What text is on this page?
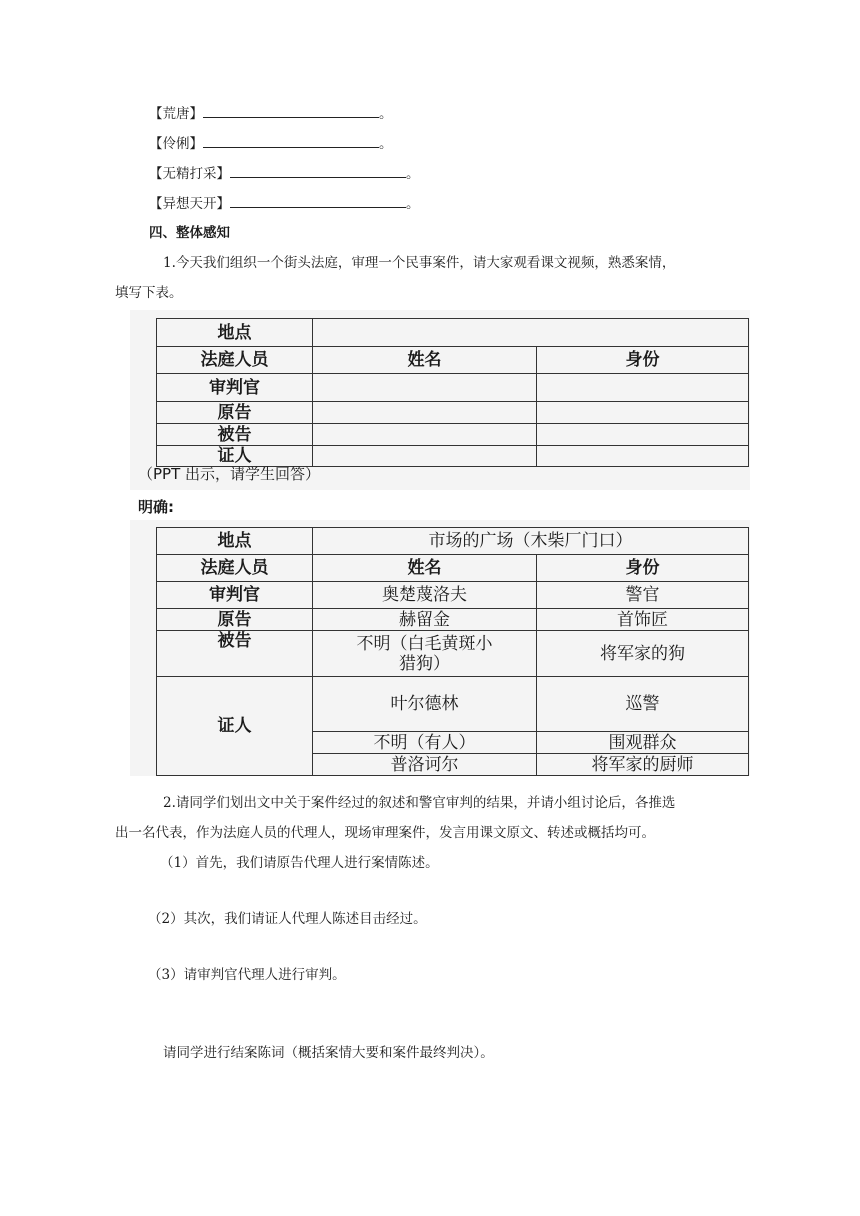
【荒唐】	。
【伶俐】	。
【无精打采】	。
【异想天开】	。
四、整体感知
1.今天我们组织一个街头法庭，审理一个民事案件，请大家观看课文视频，熟悉案情，
填写下表。
地点		
法庭人员	姓名	身份
审判官		
原告		
被告		
证人		
（PPT 出示，请学生回答）
明确:
地点	市场的广场（木柴厂门口）	
法庭人员	姓名	身份
审判官	奥楚蔑洛夫	警官
原告	赫留金	首饰匠
被告	不明（白毛黄斑小
猎狗）	将军家的狗
证人	叶尔德林	巡警
	不明（有人）	围观群众
	普洛诃尔	将军家的厨师
2.请同学们划出文中关于案件经过的叙述和警官审判的结果，并请小组讨论后，各推选
出一名代表，作为法庭人员的代理人，现场审理案件，发言用课文原文、转述或概括均可。
（1）首先，我们请原告代理人进行案情陈述。
（2）其次，我们请证人代理人陈述目击经过。
（3）请审判官代理人进行审判。
请同学进行结案陈词（概括案情大要和案件最终判决）。
